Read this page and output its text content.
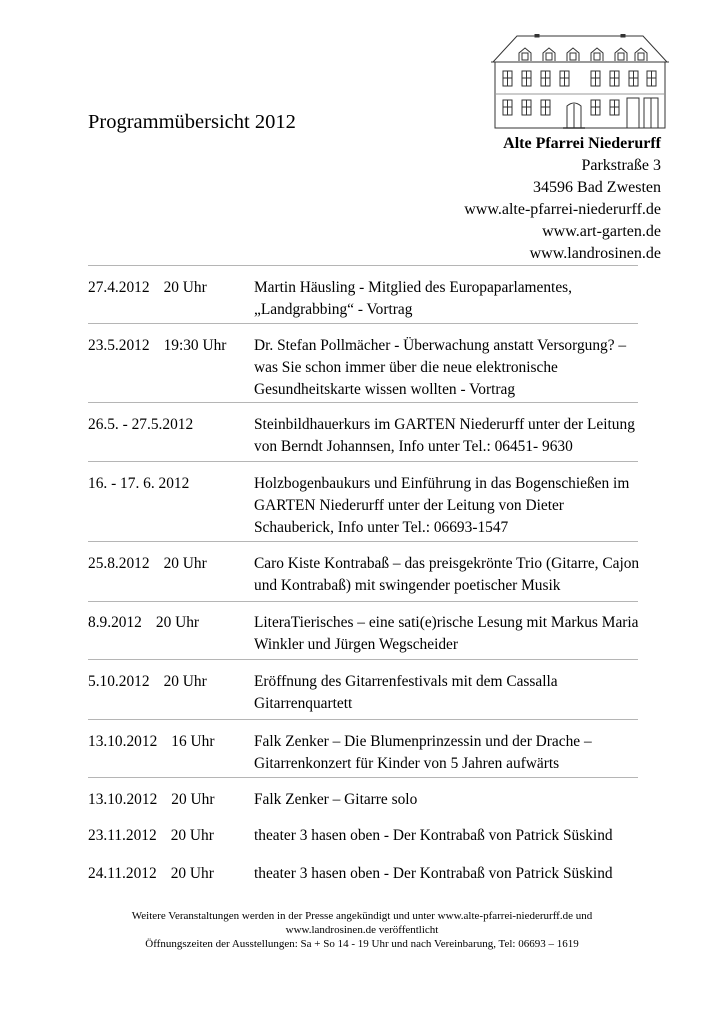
Programmübersicht 2012
Alte Pfarrei Niederurff
Parkstraße 3
34596 Bad Zwesten
www.alte-pfarrei-niederurff.de
www.art-garten.de
www.landrosinen.de
27.4.2012 20 Uhr	Martin Häusling - Mitglied des Europaparlamentes,
„Landgrabbing“ - Vortrag
23.5.2012 19:30 Uhr Dr. Stefan Pollmächer - Überwachung anstatt Versorgung? –
was Sie schon immer über die neue elektronische
Gesundheitskarte wissen wollten - Vortrag
26.5. - 27.5.2012	Steinbildhauerkurs im GARTEN Niederurff unter der Leitung
von Berndt Johannsen, Info unter Tel.: 06451- 9630
16. - 17. 6. 2012	Holzbogenbaukurs und Einführung in das Bogenschießen im
GARTEN Niederurff unter der Leitung von Dieter
Schauberick, Info unter Tel.: 06693-1547
25.8.2012 20 Uhr	Caro Kiste Kontrabaß – das preisgekrönte Trio (Gitarre, Cajon
und Kontrabaß) mit swingender poetischer Musik
8.9.2012 20 Uhr	LiteraTierisches – eine sati(e)rische Lesung mit Markus Maria
Winkler und Jürgen Wegscheider
5.10.2012 20 Uhr	Eröffnung des Gitarrenfestivals mit dem Cassalla
Gitarrenquartett
13.10.2012 16 Uhr	Falk Zenker – Die Blumenprinzessin und der Drache –
Gitarrenkonzert für Kinder von 5 Jahren aufwärts
13.10.2012 20 Uhr	Falk Zenker – Gitarre solo
23.11.2012 20 Uhr	theater 3 hasen oben - Der Kontrabaß von Patrick Süskind
24.11.2012 20 Uhr	theater 3 hasen oben - Der Kontrabaß von Patrick Süskind
Weitere Veranstaltungen werden in der Presse angekündigt und unter www.alte-pfarrei-niederurff.de und
www.landrosinen.de veröffentlicht
Öffnungszeiten der Ausstellungen: Sa + So 14 - 19 Uhr und nach Vereinbarung, Tel: 06693 – 1619
